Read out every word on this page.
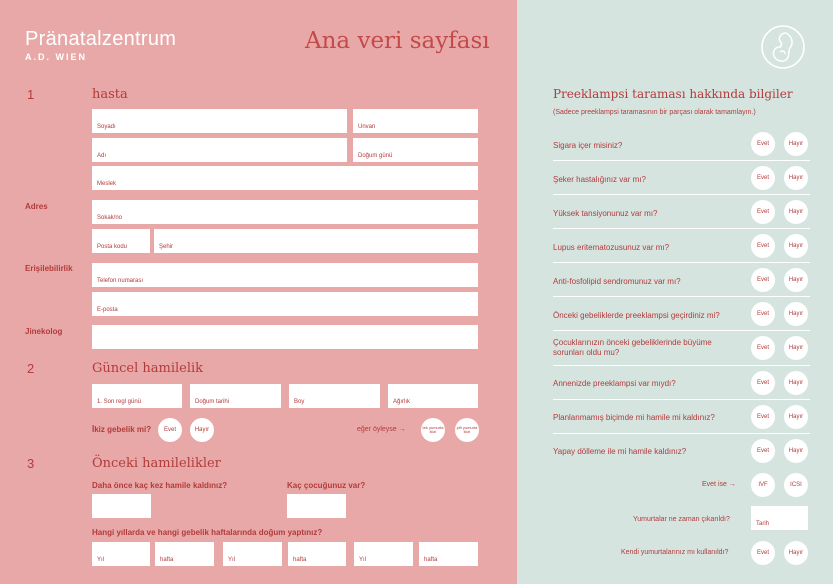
Pränatalzentrum
A.D. WIEN
Ana veri sayfası
1	hasta
Soyadı	Unvan
Adı	Doğum günü
Meslek
Adres
Sokak/no
Posta kodu	Şehir
Erişilebilirlik
Telefon numarası
E-posta
Jinekolog
2	Güncel hamilelik
1. Son regl günü	Doğum tarihi	Boy	Ağırlık
İkiz gebelik mi?	Evet	Hayır	eğer öyleyse →	tek yumurta ikizi
çift yumurta ikizi
3	Önceki hamilelikler
Daha önce kaç kez hamile kaldınız?	Kaç çocuğunuz var?
Hangi yıllarda ve hangi gebelik haftalarında doğum yaptınız?
Yıl	hafta	Yıl	hafta	Yıl	hafta
Preeklampsi taraması hakkında bilgiler
(Sadece preeklampsi taramasının bir parçası olarak tamamlayın.)
Sigara içer misiniz?	Evet	Hayır
Şeker hastalığınız var mı?	Evet	Hayır
Yüksek tansiyonunuz var mı?	Evet	Hayır
Lupus eritematozusunuz var mı?	Evet	Hayır
Anti-fosfolipid sendromunuz var mı?	Evet	Hayır
Önceki gebeliklerde preeklampsi geçirdiniz mi?	Evet	Hayır
Çocuklarınızın önceki gebeliklerinde büyüme sorunları oldu mu?
Evet	Hayır
Annenizde preeklampsi var mıydı?	Evet	Hayır
Planlanmamış biçimde mi hamile mi kaldınız?	Evet	Hayır
Yapay dölleme ile mi hamile kaldınız?	Evet	Hayır
Evet ise →	IVF	ICSI
Yumurtalar ne zaman çıkarıldı?
Tarih
Kendi yumurtalarınız mı kullanıldı?	Evet	Hayır
